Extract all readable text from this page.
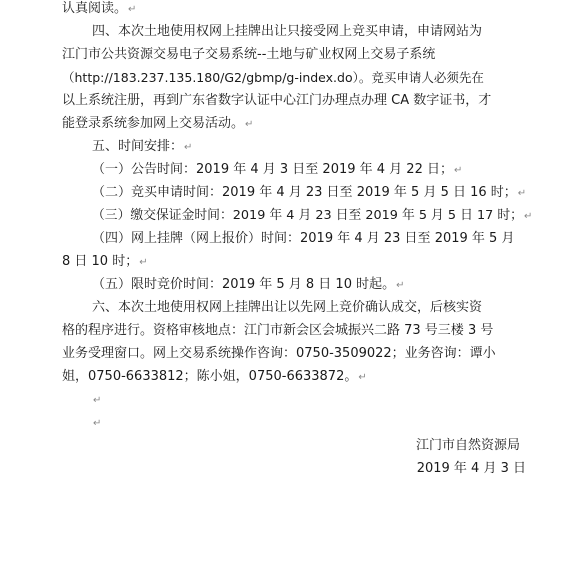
认真阅读。↵
四、本次土地使用权网上挂牌出让只接受网上竞买申请，申请网站为
江门市公共资源交易电子交易系统--土地与矿业权网上交易子系统
（http://183.237.135.180/G2/gbmp/g-index.do）。竞买申请人必须先在
以上系统注册，再到广东省数字认证中心江门办理点办理 CA 数字证书，才
能登录系统参加网上交易活动。↵
五、时间安排：↵
（一）公告时间：2019 年 4 月 3 日至 2019 年 4 月 22 日；↵
（二）竞买申请时间：2019 年 4 月 23 日至 2019 年 5 月 5 日 16 时；↵
（三）缴交保证金时间：2019 年 4 月 23 日至 2019 年 5 月 5 日 17 时；↵
（四）网上挂牌（网上报价）时间：2019 年 4 月 23 日至 2019 年 5 月
8 日 10 时；↵
（五）限时竞价时间：2019 年 5 月 8 日 10 时起。↵
六、本次土地使用权网上挂牌出让以先网上竞价确认成交，后核实资
格的程序进行。资格审核地点：江门市新会区会城振兴二路 73 号三楼 3 号
业务受理窗口。网上交易系统操作咨询：0750-3509022；业务咨询：谭小
姐，0750-6633812；陈小姐，0750-6633872。↵
↵
↵
江门市自然资源局
2019 年 4 月 3 日
